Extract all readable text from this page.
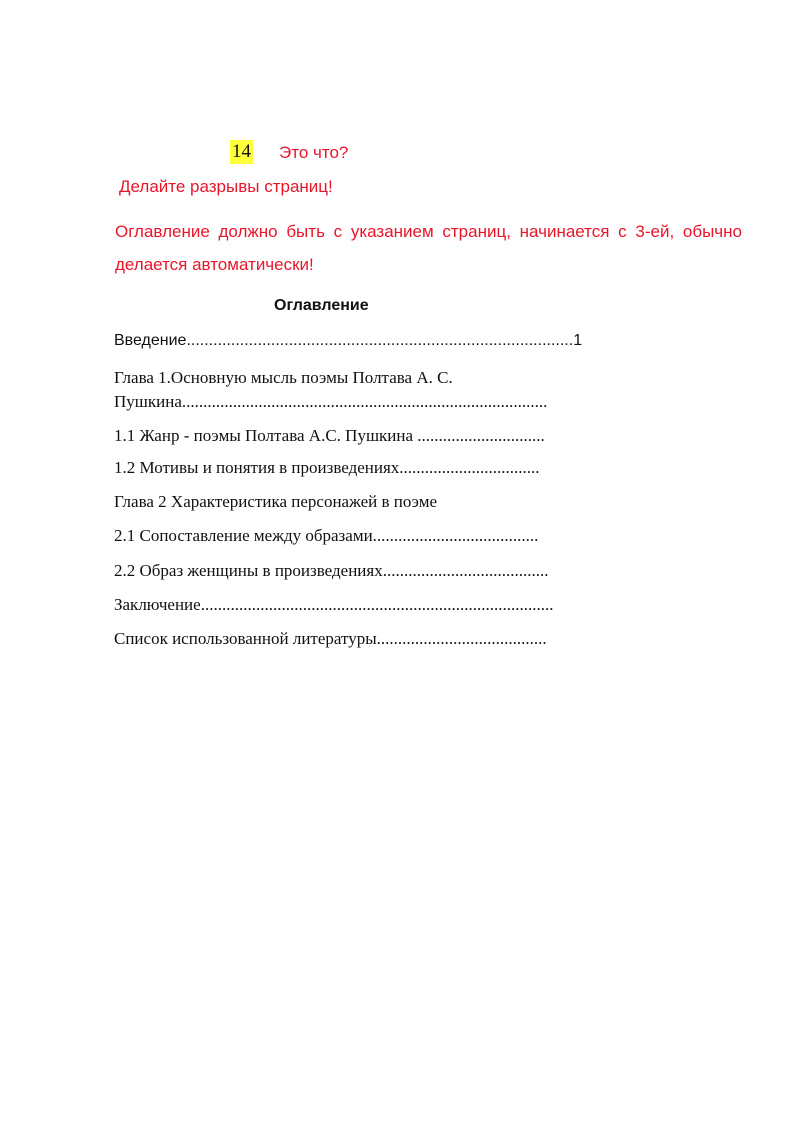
14 Это что?
Делайте разрывы страниц!
Оглавление должно быть с указанием страниц, начинается с 3-ей, обычно делается автоматически!
Оглавление
Введение.......................................................................................1
Глава 1.Основную мысль поэмы Полтава А. С.
Пушкина......................................................................................
1.1 Жанр - поэмы Полтава А.С. Пушкина ..............................
1.2 Мотивы и понятия в произведениях.................................
Глава 2 Характеристика персонажей в поэме
2.1 Сопоставление между образами.......................................
2.2 Образ женщины в произведениях.......................................
Заключение...................................................................................
Список использованной литературы........................................
